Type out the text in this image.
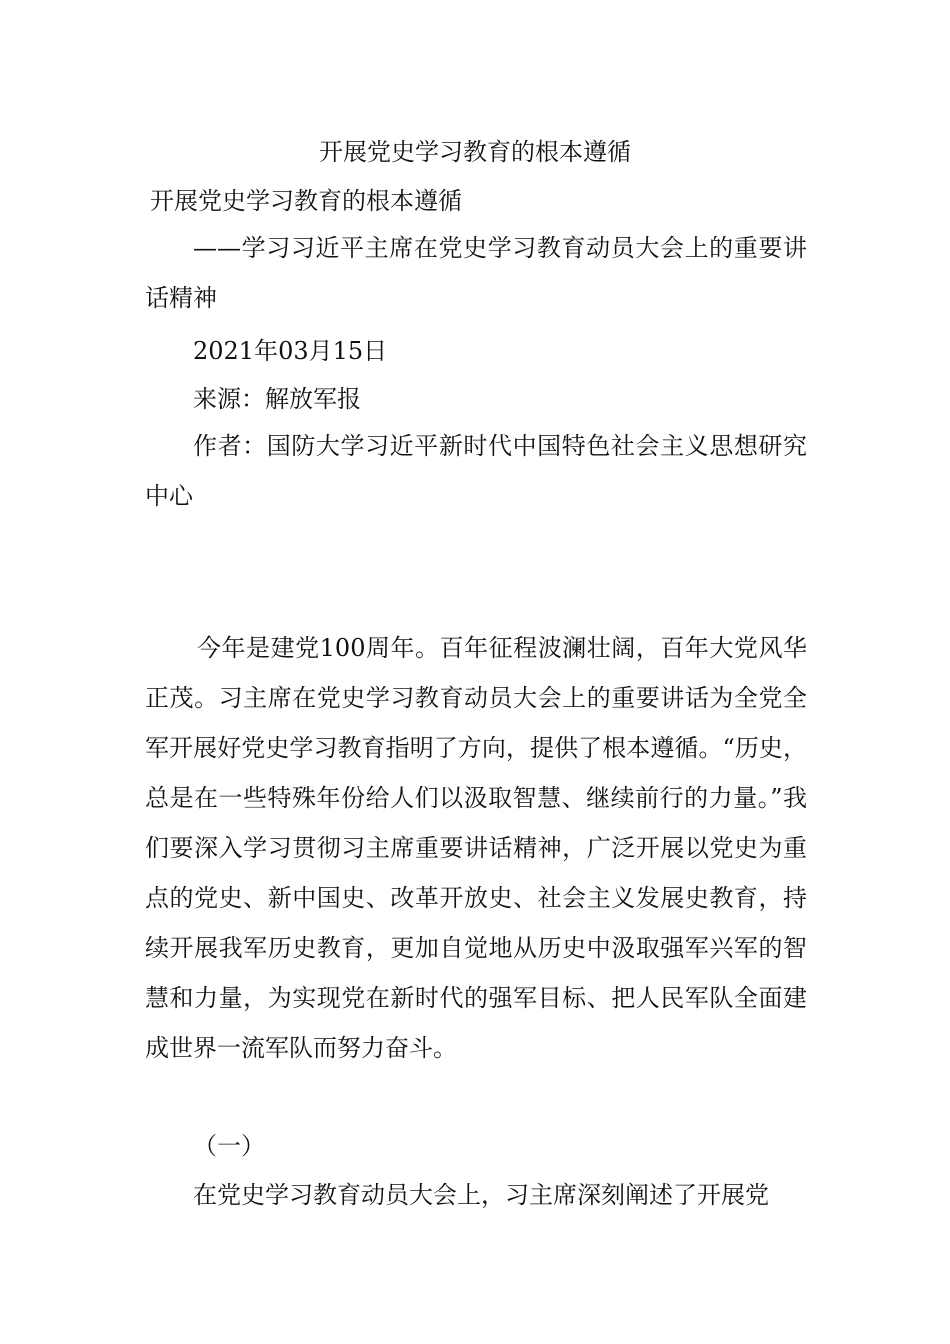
开展党史学习教育的根本遵循
开展党史学习教育的根本遵循
——学习习近平主席在党史学习教育动员大会上的重要讲话精神
2021年03月15日
来源：解放军报
作者：国防大学习近平新时代中国特色社会主义思想研究中心
今年是建党100周年。百年征程波澜壮阔，百年大党风华正茂。习主席在党史学习教育动员大会上的重要讲话为全党全军开展好党史学习教育指明了方向，提供了根本遵循。“历史，总是在一些特殊年份给人们以汲取智慧、继续前行的力量。”我们要深入学习贯彻习主席重要讲话精神，广泛开展以党史为重点的党史、新中国史、改革开放史、社会主义发展史教育，持续开展我军历史教育，更加自觉地从历史中汲取强军兴军的智慧和力量，为实现党在新时代的强军目标、把人民军队全面建成世界一流军队而努力奋斗。
（一）
在党史学习教育动员大会上，习主席深刻阐述了开展党
